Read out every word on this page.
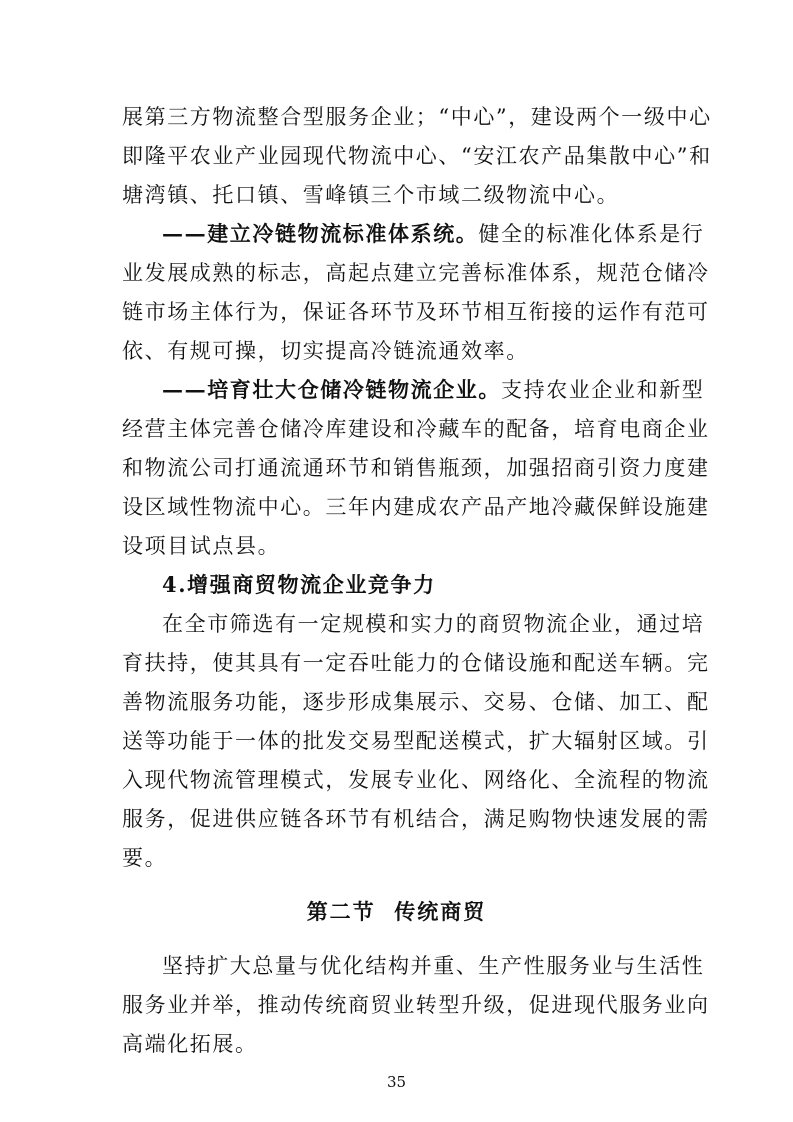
展第三方物流整合型服务企业；“中心”，建设两个一级中心
即隆平农业产业园现代物流中心、“安江农产品集散中心”和
塘湾镇、托口镇、雪峰镇三个市域二级物流中心。
——建立冷链物流标准体系统。健全的标准化体系是行
业发展成熟的标志，高起点建立完善标准体系，规范仓储冷
链市场主体行为，保证各环节及环节相互衔接的运作有范可
依、有规可操，切实提高冷链流通效率。
——培育壮大仓储冷链物流企业。支持农业企业和新型
经营主体完善仓储冷库建设和冷藏车的配备，培育电商企业
和物流公司打通流通环节和销售瓶颈，加强招商引资力度建
设区域性物流中心。三年内建成农产品产地冷藏保鲜设施建
设项目试点县。
4.增强商贸物流企业竞争力
在全市筛选有一定规模和实力的商贸物流企业，通过培
育扶持，使其具有一定吞吐能力的仓储设施和配送车辆。完
善物流服务功能，逐步形成集展示、交易、仓储、加工、配
送等功能于一体的批发交易型配送模式，扩大辐射区域。引
入现代物流管理模式，发展专业化、网络化、全流程的物流
服务，促进供应链各环节有机结合，满足购物快速发展的需
要。
第二节  传统商贸
坚持扩大总量与优化结构并重、生产性服务业与生活性
服务业并举，推动传统商贸业转型升级，促进现代服务业向
高端化拓展。
35
